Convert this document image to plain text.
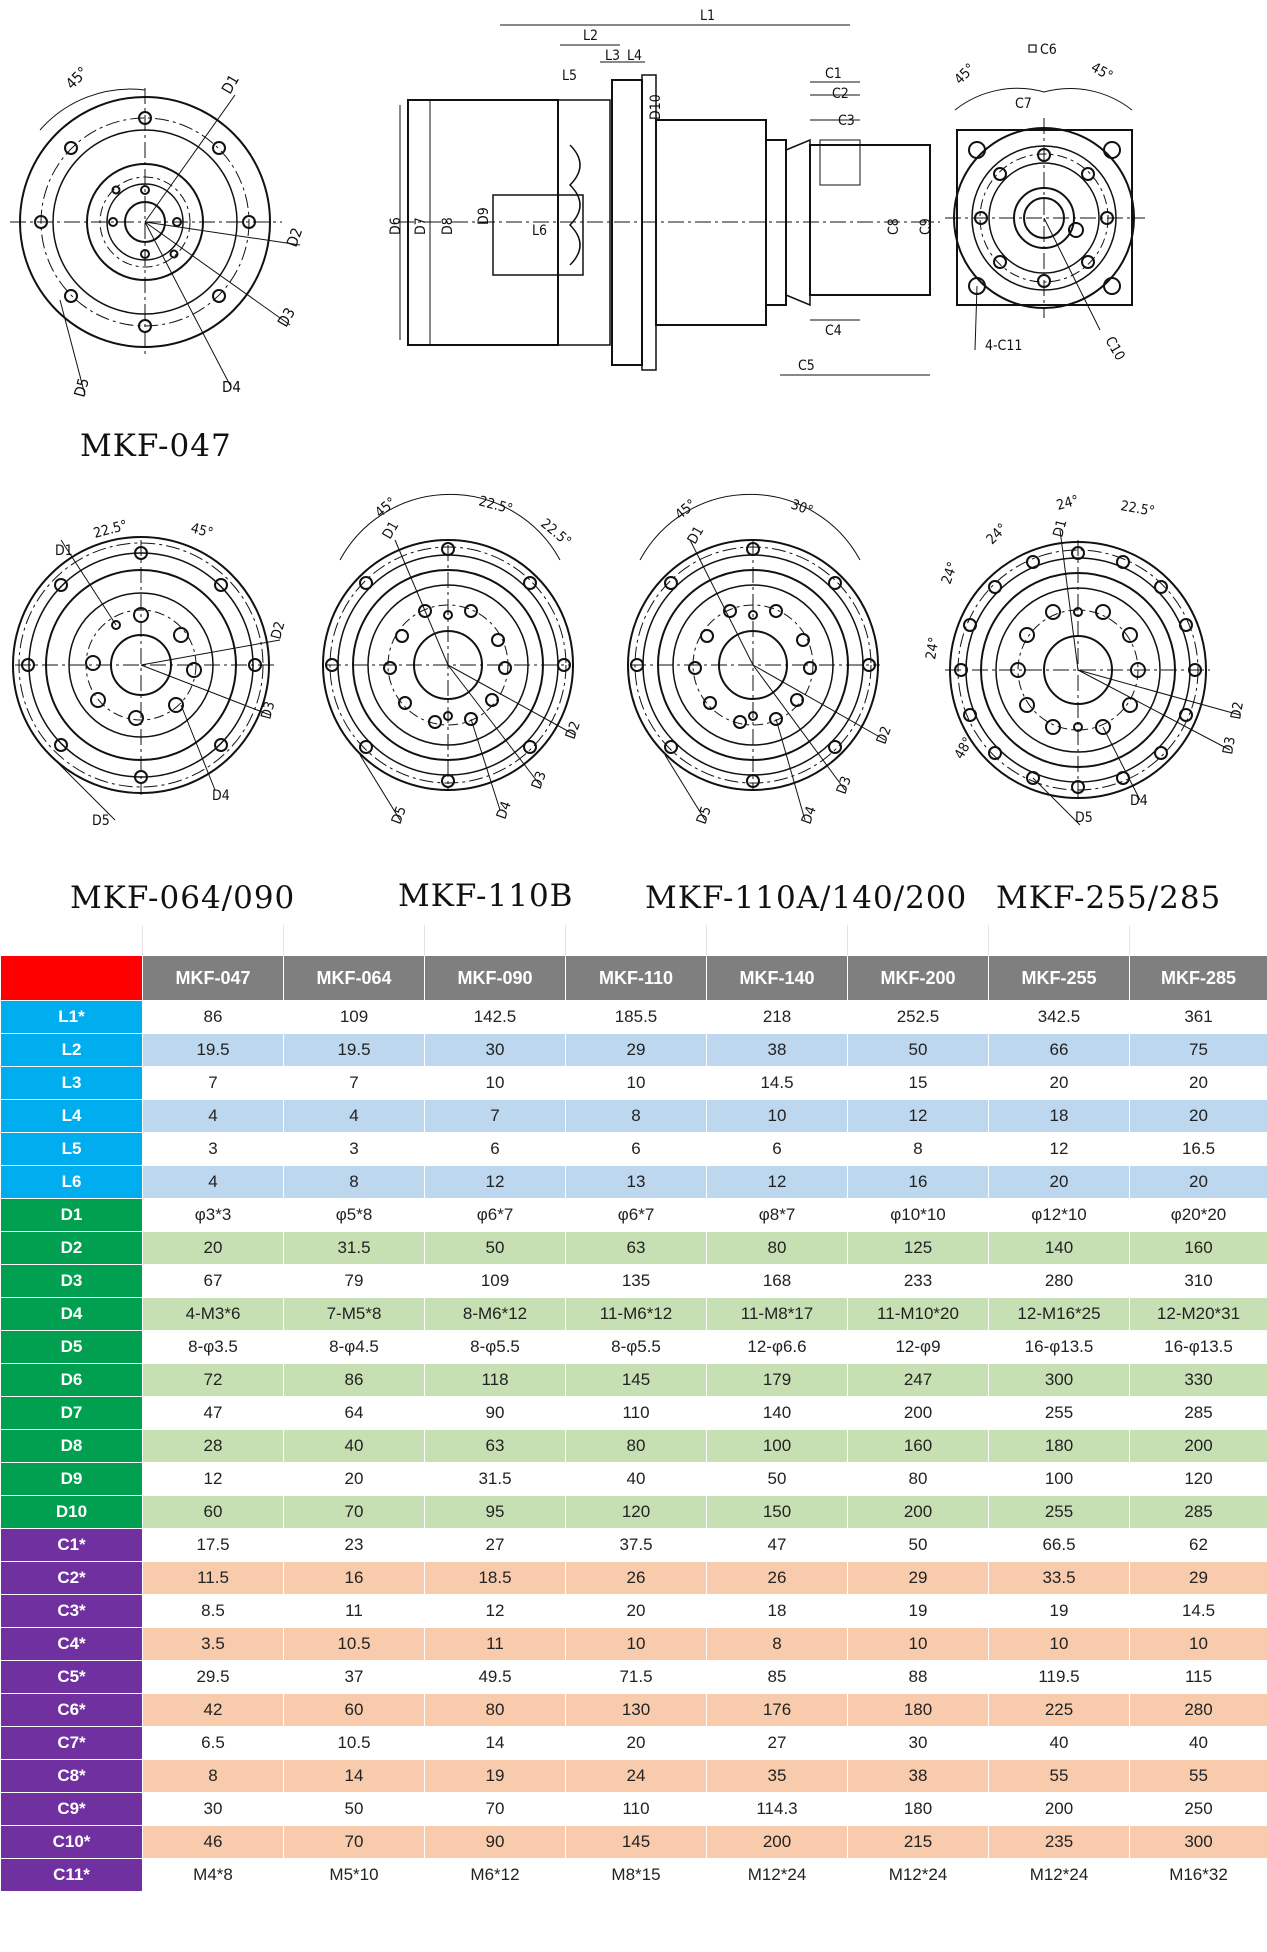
45°	D1
D2
D3
D4
D5
L1
L2
L3 L4
L5
L6
D10
D6 D7 D8
D9
C1
C2
C3
C4
C5
C8 C9
C6
C7
45°	45°
C10
4-C11
22.5°	45°
D1
D2
D3
D4
D5
45°	22.5°
22.5°
D1
D2
D3
D4
D5
45°	30°
D1
D2
D3
D4
D5
24°	22.5°
24°
24°
24°
48°
D1
D2
D3
D4
D5
MKF-047
MKF-064/090	MKF-110B MKF-110A/140/200 MKF-255/285
	MKF-047	MKF-064	MKF-090	MKF-110	MKF-140	MKF-200	MKF-255	MKF-285
L1*	86	109	142.5	185.5	218	252.5	342.5	361
L2	19.5	19.5	30	29	38	50	66	75
L3	7	7	10	10	14.5	15	20	20
L4	4	4	7	8	10	12	18	20
L5	3	3	6	6	6	8	12	16.5
L6	4	8	12	13	12	16	20	20
D1	φ3*3	φ5*8	φ6*7	φ6*7	φ8*7	φ10*10	φ12*10	φ20*20
D2	20	31.5	50	63	80	125	140	160
D3	67	79	109	135	168	233	280	310
D4	4-M3*6	7-M5*8	8-M6*12	11-M6*12	11-M8*17	11-M10*20	12-M16*25	12-M20*31
D5	8-φ3.5	8-φ4.5	8-φ5.5	8-φ5.5	12-φ6.6	12-φ9	16-φ13.5	16-φ13.5
D6	72	86	118	145	179	247	300	330
D7	47	64	90	110	140	200	255	285
D8	28	40	63	80	100	160	180	200
D9	12	20	31.5	40	50	80	100	120
D10	60	70	95	120	150	200	255	285
C1*	17.5	23	27	37.5	47	50	66.5	62
C2*	11.5	16	18.5	26	26	29	33.5	29
C3*	8.5	11	12	20	18	19	19	14.5
C4*	3.5	10.5	11	10	8	10	10	10
C5*	29.5	37	49.5	71.5	85	88	119.5	115
C6*	42	60	80	130	176	180	225	280
C7*	6.5	10.5	14	20	27	30	40	40
C8*	8	14	19	24	35	38	55	55
C9*	30	50	70	110	114.3	180	200	250
C10*	46	70	90	145	200	215	235	300
C11*	M4*8	M5*10	M6*12	M8*15	M12*24	M12*24	M12*24	M16*32
